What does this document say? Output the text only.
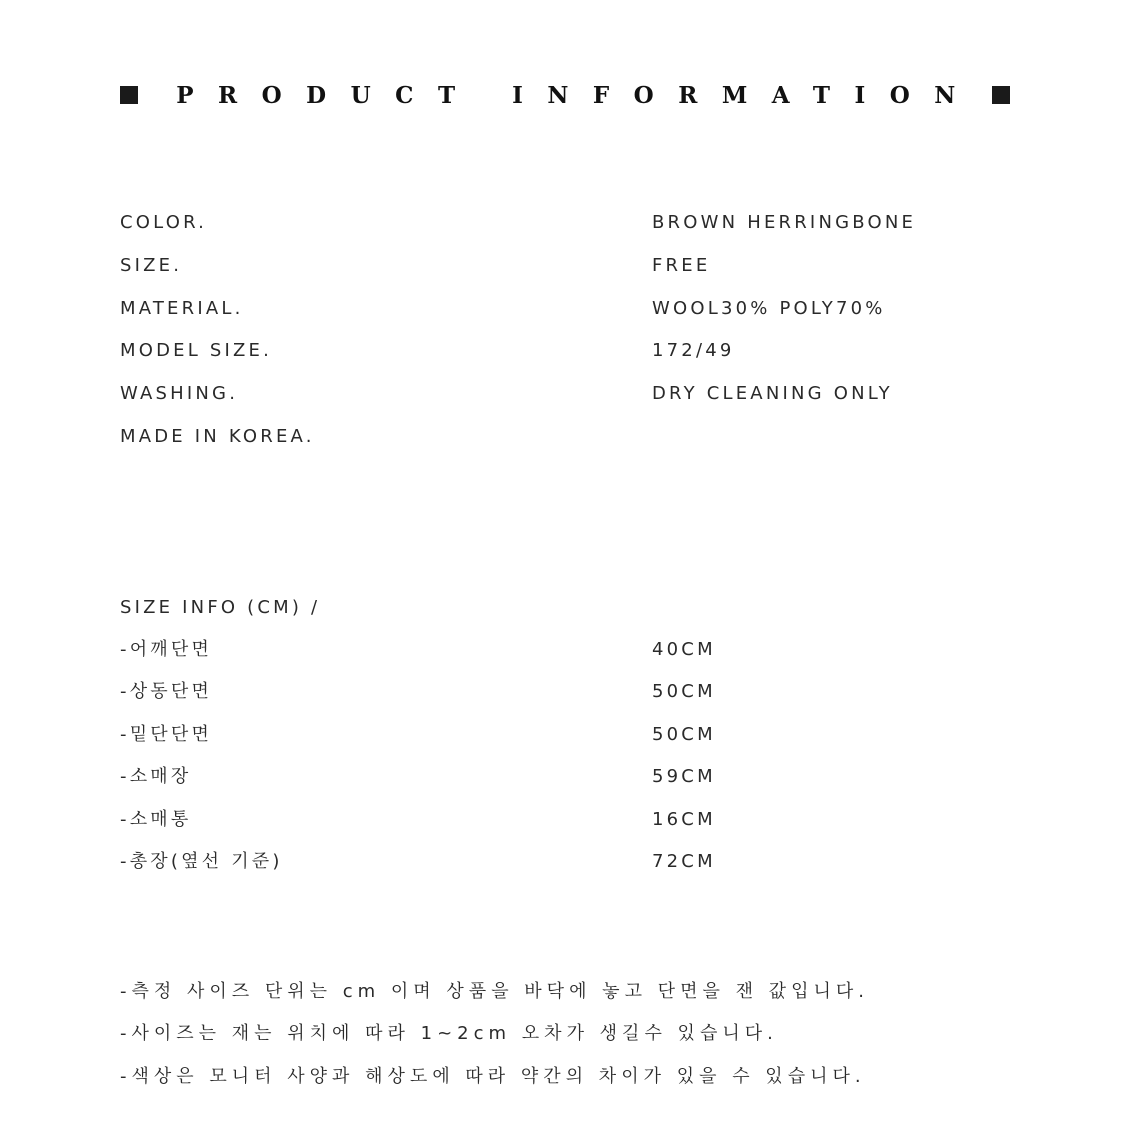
PRODUCT INFORMATION
COLOR.	BROWN HERRINGBONE
SIZE.	FREE
MATERIAL.	WOOL30% POLY70%
MODEL SIZE.	172/49
WASHING.	DRY CLEANING ONLY
MADE IN KOREA.
SIZE INFO (CM) /
-어깨단면	40CM
-상동단면	50CM
-밑단단면	50CM
-소매장	59CM
-소매통	16CM
-총장(옆선 기준)	72CM
-측정 사이즈 단위는 cm 이며 상품을 바닥에 놓고 단면을 잰 값입니다.
-사이즈는 재는 위치에 따라 1~2cm 오차가 생길수 있습니다.
-색상은 모니터 사양과 해상도에 따라 약간의 차이가 있을 수 있습니다.
